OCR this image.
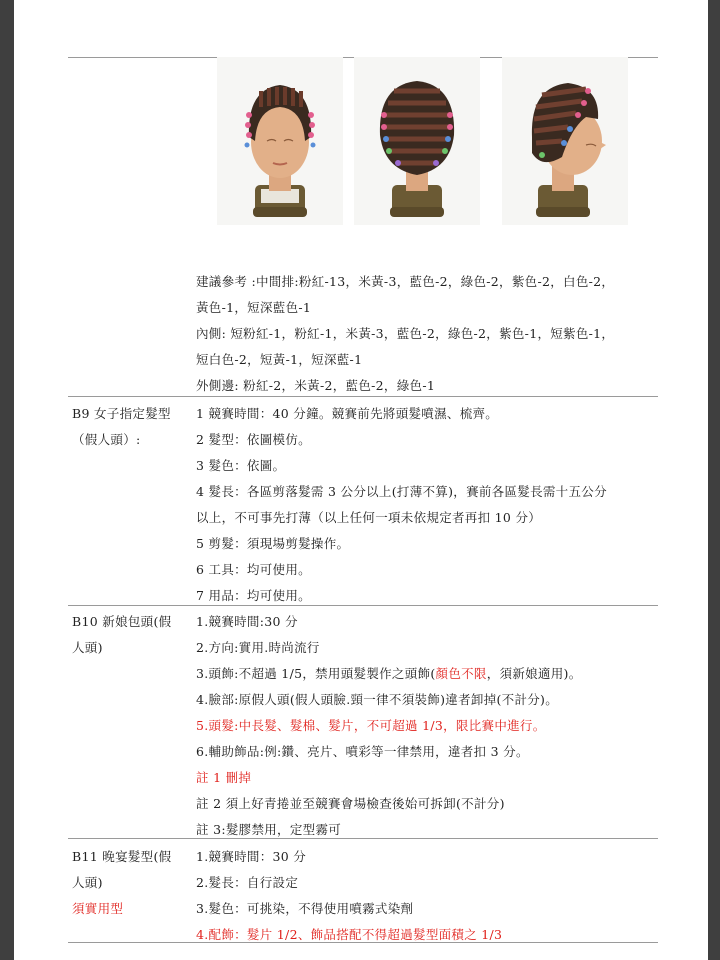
建議參考 :中間排:粉紅-13，米黃-3，藍色-2，綠色-2，紫色-2，白色-2，
黃色-1，短深藍色-1
內側: 短粉紅-1，粉紅-1，米黃-3，藍色-2，綠色-2，紫色-1，短紫色-1，
短白色-2，短黃-1，短深藍-1
外側邊: 粉紅-2，米黃-2，藍色-2，綠色-1
B9 女子指定髮型
（假人頭）:
1 競賽時間：40 分鐘。競賽前先將頭髮噴濕、梳齊。
2 髮型：依圖模仿。
3 髮色：依圖。
4 髮長：各區剪落髮需 3 公分以上(打薄不算)，賽前各區髮長需十五公分
以上，不可事先打薄（以上任何一項未依規定者再扣 10 分）
5 剪髮：須現場剪髮操作。
6 工具：均可使用。
7 用品：均可使用。
B10 新娘包頭(假
人頭)
1.競賽時間:30 分
2.方向:實用.時尚流行
3.頭飾:不超過 1/5，禁用頭髮製作之頭飾(顏色不限，須新娘適用)。
4.臉部:原假人頭(假人頭臉.頸一律不須裝飾)違者卸掉(不計分)。
5.頭髮:中長髮、髮棉、髮片，不可超過 1/3，限比賽中進行。
6.輔助飾品:例:鑽、亮片、噴彩等一律禁用，違者扣 3 分。
註 1 刪掉
註 2 須上好青捲並至競賽會場檢查後始可拆卸(不計分)
註 3:髮膠禁用，定型霧可
B11 晚宴髮型(假
人頭)
須實用型
1.競賽時間：30 分
2.髮長：自行設定
3.髮色：可挑染，不得使用噴霧式染劑
4.配飾：髮片 1/2、飾品搭配不得超過髮型面積之 1/3
